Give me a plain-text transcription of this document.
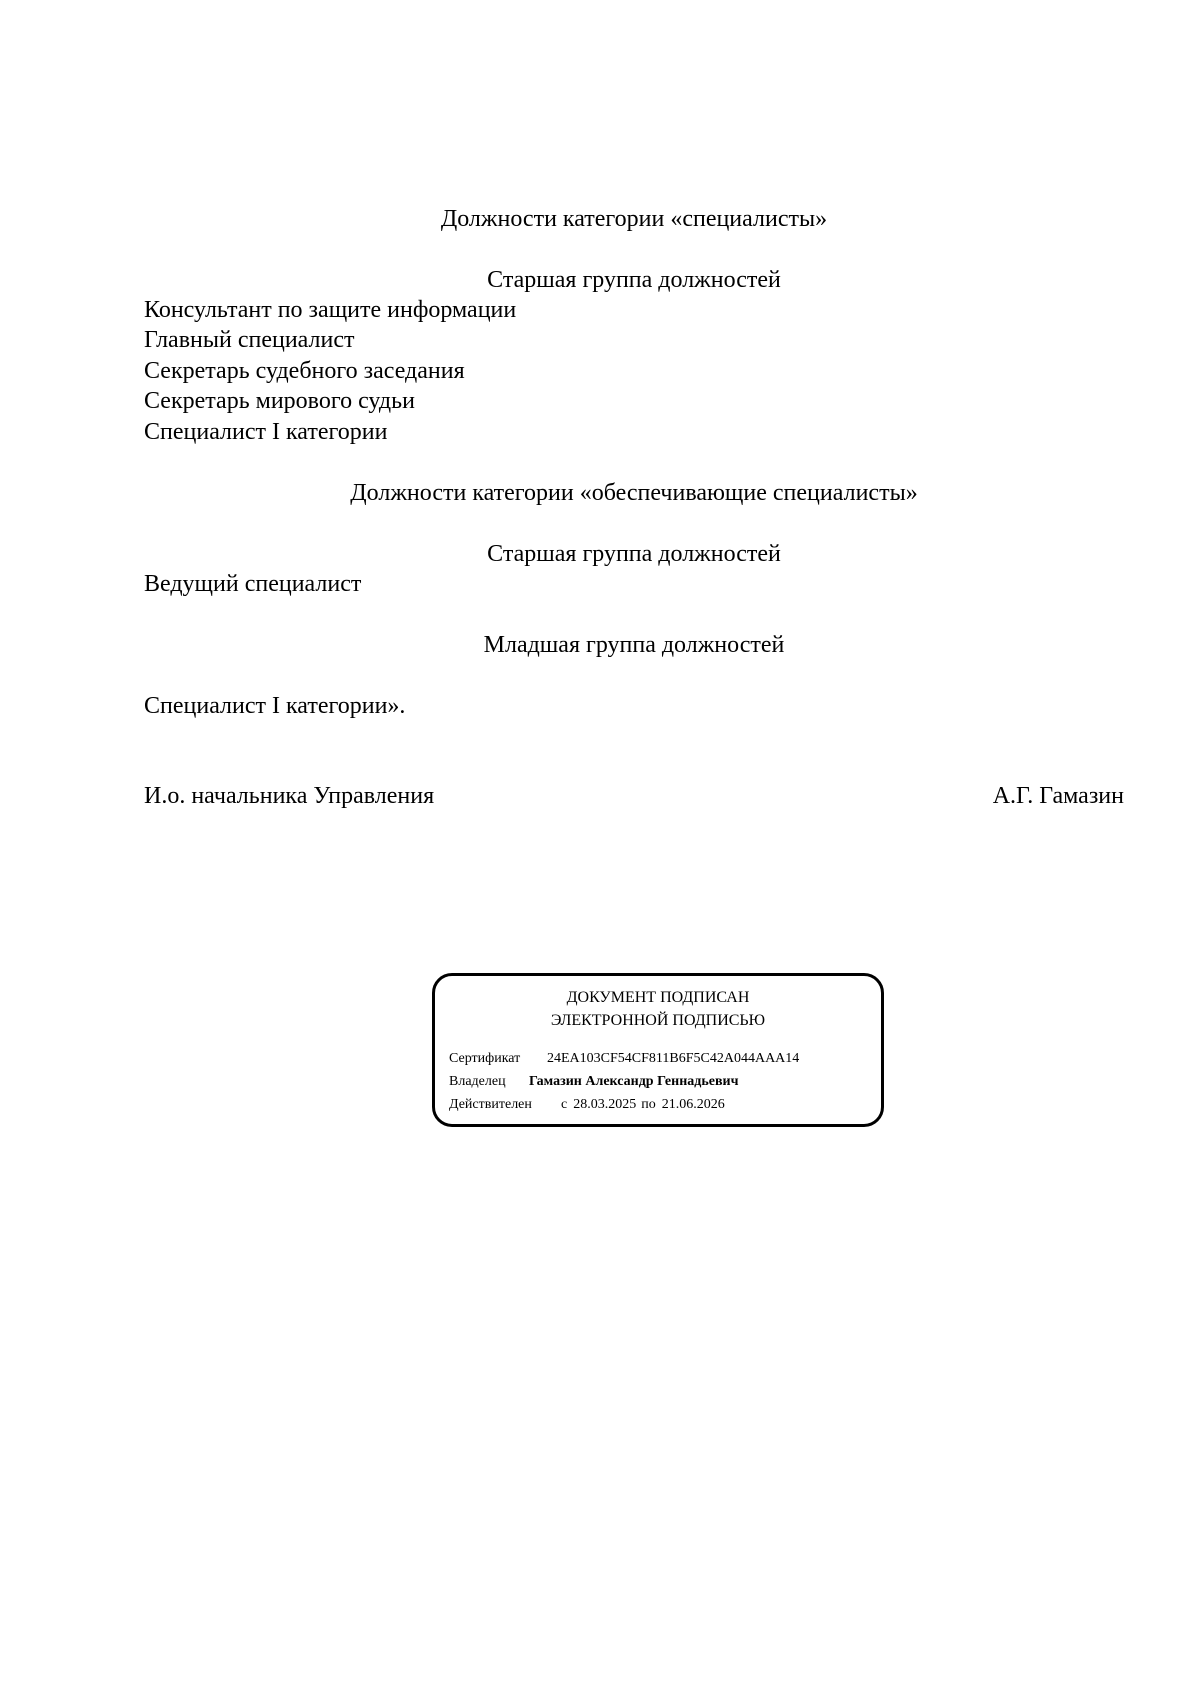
Должности категории «специалисты»
Старшая группа должностей
Консультант по защите информации
Главный специалист
Секретарь судебного заседания
Секретарь мирового судьи
Специалист I категории
Должности категории «обеспечивающие специалисты»
Старшая группа должностей
Ведущий специалист
Младшая группа должностей
Специалист I категории».
И.о. начальника Управления	А.Г. Гамазин
ДОКУМЕНТ ПОДПИСАН
ЭЛЕКТРОННОЙ ПОДПИСЬЮ
Сертификат 24EA103CF54CF811B6F5C42A044AAA14
Владелец Гамазин Александр Геннадьевич
Действителен с 28.03.2025 по 21.06.2026
